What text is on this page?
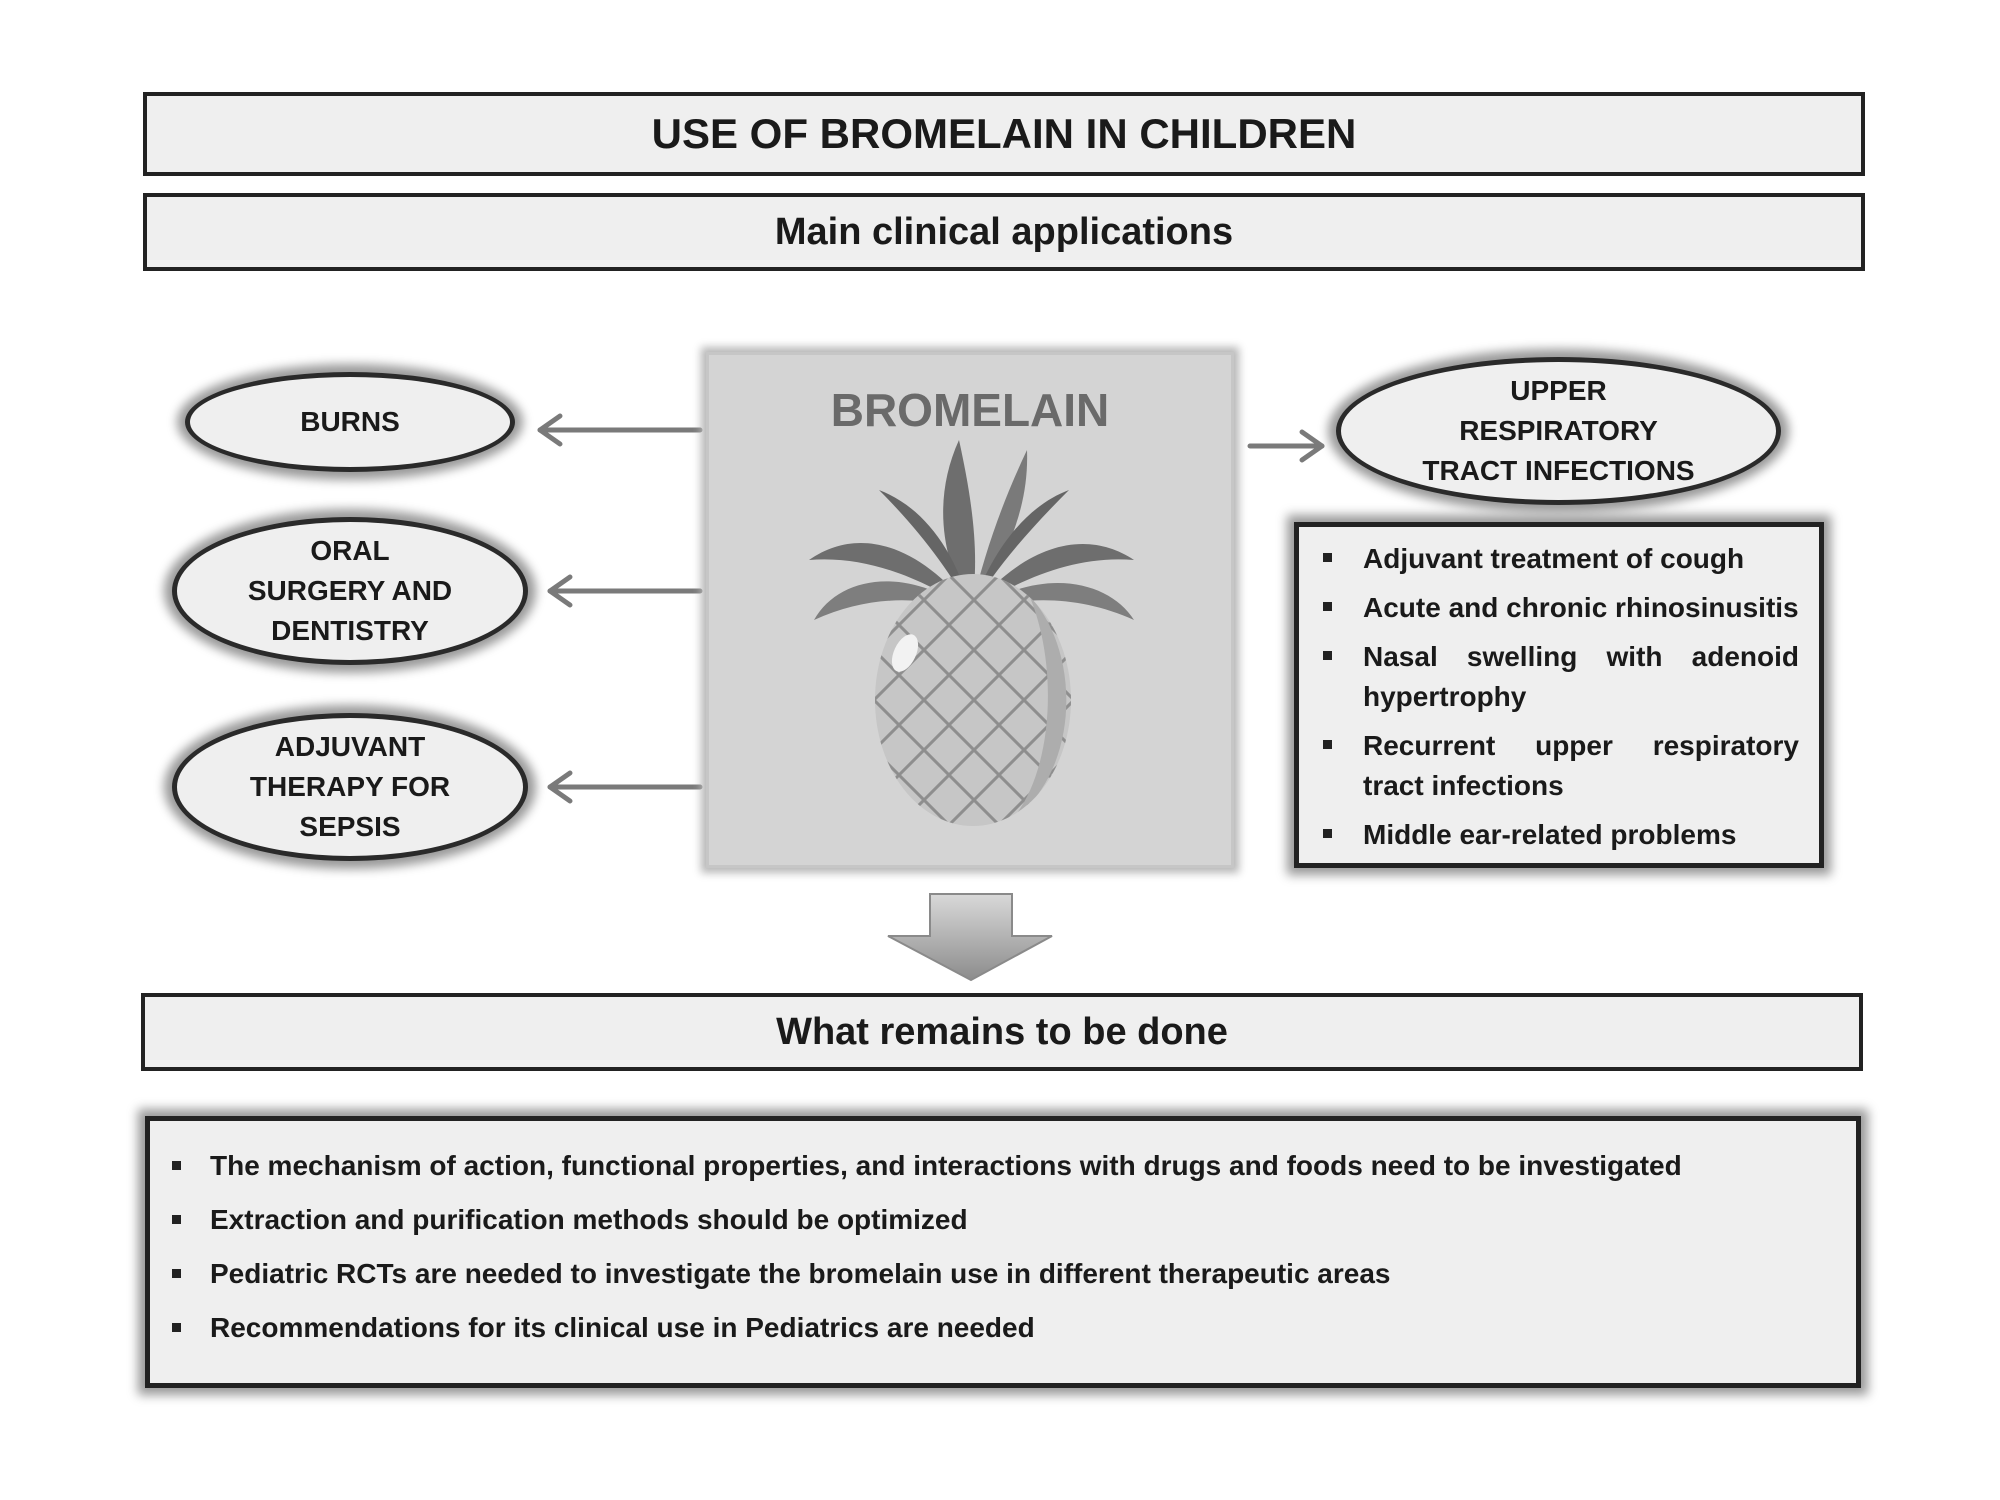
USE OF BROMELAIN IN CHILDREN
Main clinical applications
BURNS
ORAL
SURGERY AND
DENTISTRY
ADJUVANT
THERAPY FOR
SEPSIS
BROMELAIN	UPPER
RESPIRATORY
TRACT INFECTIONS
Adjuvant treatment of cough
Acute and chronic rhinosinusitis
Nasal swelling with adenoid hypertrophy
Recurrent upper respiratory tract infections
Middle ear-related problems
What remains to be done
The mechanism of action, functional properties, and interactions with drugs and foods need to be investigated
Extraction and purification methods should be optimized
Pediatric RCTs are needed to investigate the bromelain use in different therapeutic areas
Recommendations for its clinical use in Pediatrics are needed
